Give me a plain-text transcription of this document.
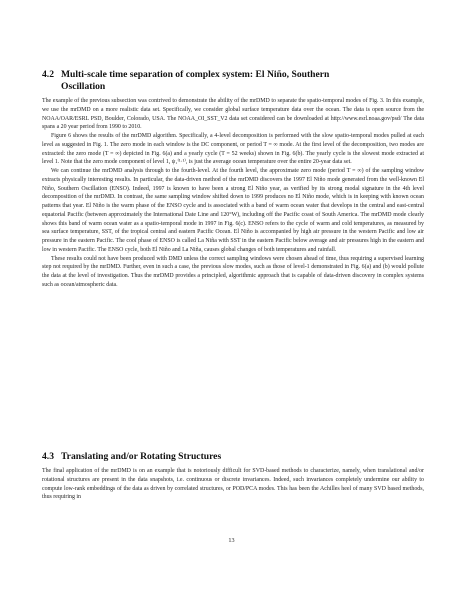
4.2 Multi-scale time separation of complex system: El Niño, Southern
Oscillation

The example of the previous subsection was contrived to demonstrate the ability of the mrDMD to separate the spatio-temporal modes of Fig. 3. In this example, we use the mrDMD on a more realistic data set. Specifically, we consider global surface temperature data over the ocean. The data is open source from the NOAA/OAR/ESRL PSD, Boulder, Colorado, USA. The NOAA_OI_SST_V2 data set considered can be downloaded at http://www.esrl.noaa.gov/psd/ The data spans a 20 year period from 1990 to 2010.

Figure 6 shows the results of the mrDMD algorithm. Specifically, a 4-level decomposition is performed with the slow spatio-temporal modes pulled at each level as suggested in Fig. 1. The zero mode in each window is the DC component, or period T = ∞ mode. At the first level of the decomposition, two modes are extracted: the zero mode (T = ∞) depicted in Fig. 6(a) and a yearly cycle (T = 52 weeks) shown in Fig. 6(b). The yearly cycle is the slowest mode extracted at level 1. Note that the zero mode component of level 1, ψ₁⁽¹·¹⁾, is just the average ocean temperature over the entire 20-year data set.

We can continue the mrDMD analysis through to the fourth-level. At the fourth level, the approximate zero mode (period T = ∞) of the sampling window extracts physically interesting results. In particular, the data-driven method of the mrDMD discovers the 1997 El Niño mode generated from the well-known El Niño, Southern Oscillation (ENSO). Indeed, 1997 is known to have been a strong El Niño year, as verified by its strong modal signature in the 4th level decomposition of the mrDMD. In contrast, the same sampling window shifted down to 1999 produces no El Niño mode, which is in keeping with known ocean patterns that year. El Niño is the warm phase of the ENSO cycle and is associated with a band of warm ocean water that develops in the central and east-central equatorial Pacific (between approximately the International Date Line and 120°W), including off the Pacific coast of South America. The mrDMD mode clearly shows this band of warm ocean water as a spatio-temporal mode in 1997 in Fig. 6(c). ENSO refers to the cycle of warm and cold temperatures, as measured by sea surface temperature, SST, of the tropical central and eastern Pacific Ocean. El Niño is accompanied by high air pressure in the western Pacific and low air pressure in the eastern Pacific. The cool phase of ENSO is called La Niña with SST in the eastern Pacific below average and air pressures high in the eastern and low in western Pacific. The ENSO cycle, both El Niño and La Niña, causes global changes of both temperatures and rainfall.

These results could not have been produced with DMD unless the correct sampling windows were chosen ahead of time, thus requiring a supervised learning step not required by the mrDMD. Further, even in such a case, the previous slow modes, such as those of level-1 demonstrated in Fig. 6(a) and (b) would pollute the data at the level of investigation. Thus the mrDMD provides a principled, algorithmic approach that is capable of data-driven discovery in complex systems such as ocean/atmospheric data.

4.3 Translating and/or Rotating Structures

The final application of the mrDMD is on an example that is notoriously difficult for SVD-based methods to characterize, namely, when translational and/or rotational structures are present in the data snapshots, i.e. continuous or discrete invariances. Indeed, such invariances completely undermine our ability to compute low-rank embeddings of the data as driven by correlated structures, or POD/PCA modes. This has been the Achilles heel of many SVD based methods, thus requiring in

13
